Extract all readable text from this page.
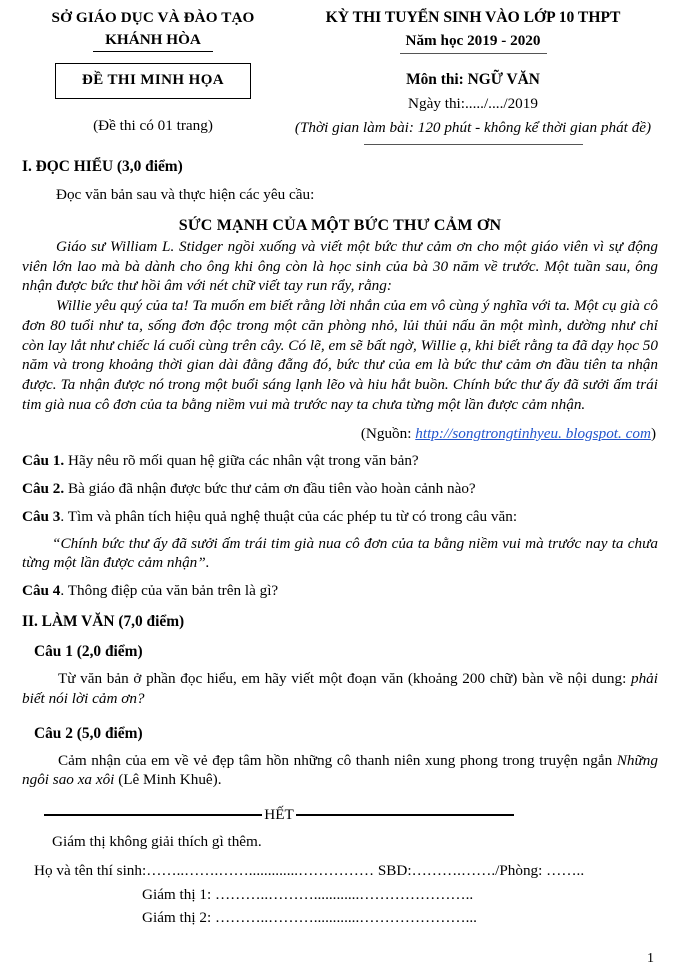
SỞ GIÁO DỤC VÀ ĐÀO TẠO
KHÁNH HÒA ĐỀ THI MINH HỌA
(Đề thi có 01 trang)
KỲ THI TUYỂN SINH VÀO LỚP 10 THPT
Năm học 2019 - 2020
Môn thi: NGỮ VĂN
Ngày thi:...../..../2019
(Thời gian làm bài: 120 phút - không kể thời gian phát đề)
I. ĐỌC HIỂU (3,0 điểm)
Đọc văn bản sau và thực hiện các yêu cầu:
SỨC MẠNH CỦA MỘT BỨC THƯ CẢM ƠN

Giáo sư William L. Stidger ngồi xuống và viết một bức thư cảm ơn cho một giáo viên vì sự động viên lớn lao mà bà dành cho ông khi ông còn là học sinh của bà 30 năm về trước. Một tuần sau, ông nhận được bức thư hồi âm với nét chữ viết tay run rẩy, rằng:

Willie yêu quý của ta! Ta muốn em biết rằng lời nhắn của em vô cùng ý nghĩa với ta. Một cụ già cô đơn 80 tuổi như ta, sống đơn độc trong một căn phòng nhỏ, lủi thủi nấu ăn một mình, dường như chỉ còn lay lắt như chiếc lá cuối cùng trên cây. Có lẽ, em sẽ bất ngờ, Willie ạ, khi biết rằng ta đã dạy học 50 năm và trong khoảng thời gian dài đằng đẵng đó, bức thư của em là bức thư cảm ơn đầu tiên ta nhận được. Ta nhận được nó trong một buổi sáng lạnh lẽo và hiu hắt buồn. Chính bức thư ấy đã sưởi ấm trái tim già nua cô đơn của ta bằng niềm vui mà trước nay ta chưa từng một lần được cảm nhận.

(Nguồn: http://songtrongtinhyeu. blogspot. com)
Câu 1. Hãy nêu rõ mối quan hệ giữa các nhân vật trong văn bản?
Câu 2. Bà giáo đã nhận được bức thư cảm ơn đầu tiên vào hoàn cảnh nào?
Câu 3. Tìm và phân tích hiệu quả nghệ thuật của các phép tu từ có trong câu văn:

“Chính bức thư ấy đã sưởi ấm trái tim già nua cô đơn của ta bằng niềm vui mà trước nay ta chưa từng một lần được cảm nhận”.

Câu 4. Thông điệp của văn bản trên là gì?
II. LÀM VĂN (7,0 điểm)
Câu 1 (2,0 điểm)

Từ văn bản ở phần đọc hiểu, em hãy viết một đoạn văn (khoảng 200 chữ) bàn về nội dung: phải biết nói lời cảm ơn?

Câu 2 (5,0 điểm)

Cảm nhận của em về vẻ đẹp tâm hồn những cô thanh niên xung phong trong truyện ngắn Những ngôi sao xa xôi (Lê Minh Khuê).

HẾT
Giám thị không giải thích gì thêm.
Họ và tên thí sinh:……..…….…….............…………… SBD:……….……./Phòng: ……..
Giám thị 1: ………..………............…………………..
Giám thị 2: ………..………............…………………...
1
